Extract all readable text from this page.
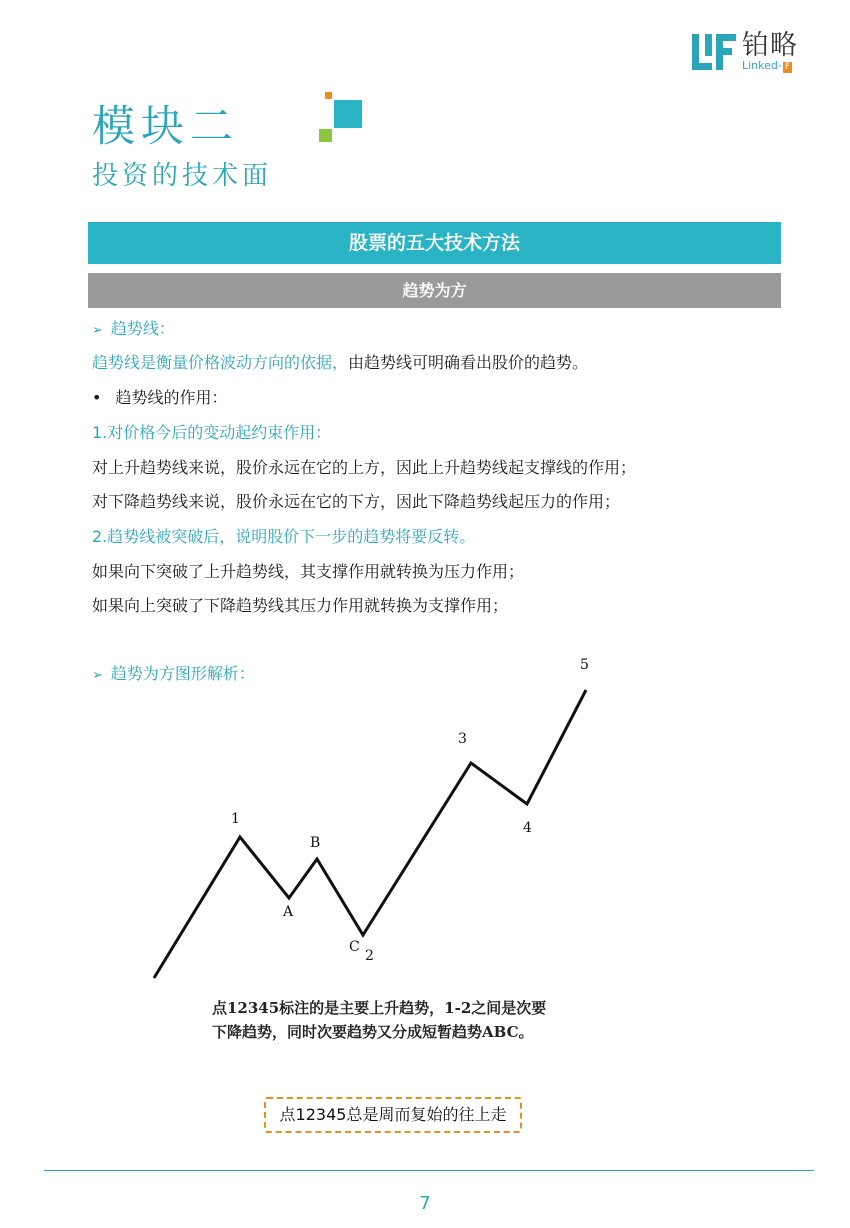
铂略
Linked- F
模块二
投资的技术面
股票的五大技术方法
趋势为方
➢ 趋势线：
趋势线是衡量价格波动方向的依据，由趋势线可明确看出股价的趋势。
• 趋势线的作用：
1.对价格今后的变动起约束作用：
对上升趋势线来说，股价永远在它的上方，因此上升趋势线起支撑线的作用；
对下降趋势线来说，股价永远在它的下方，因此下降趋势线起压力的作用；
2.趋势线被突破后，说明股价下一步的趋势将要反转。
如果向下突破了上升趋势线，其支撑作用就转换为压力作用；
如果向上突破了下降趋势线其压力作用就转换为支撑作用；
➢ 趋势为方图形解析：
1
A
B
C
2
3
4
5
点12345标注的是主要上升趋势，1-2之间是次要
下降趋势，同时次要趋势又分成短暂趋势ABC。
点12345总是周而复始的往上走
7
